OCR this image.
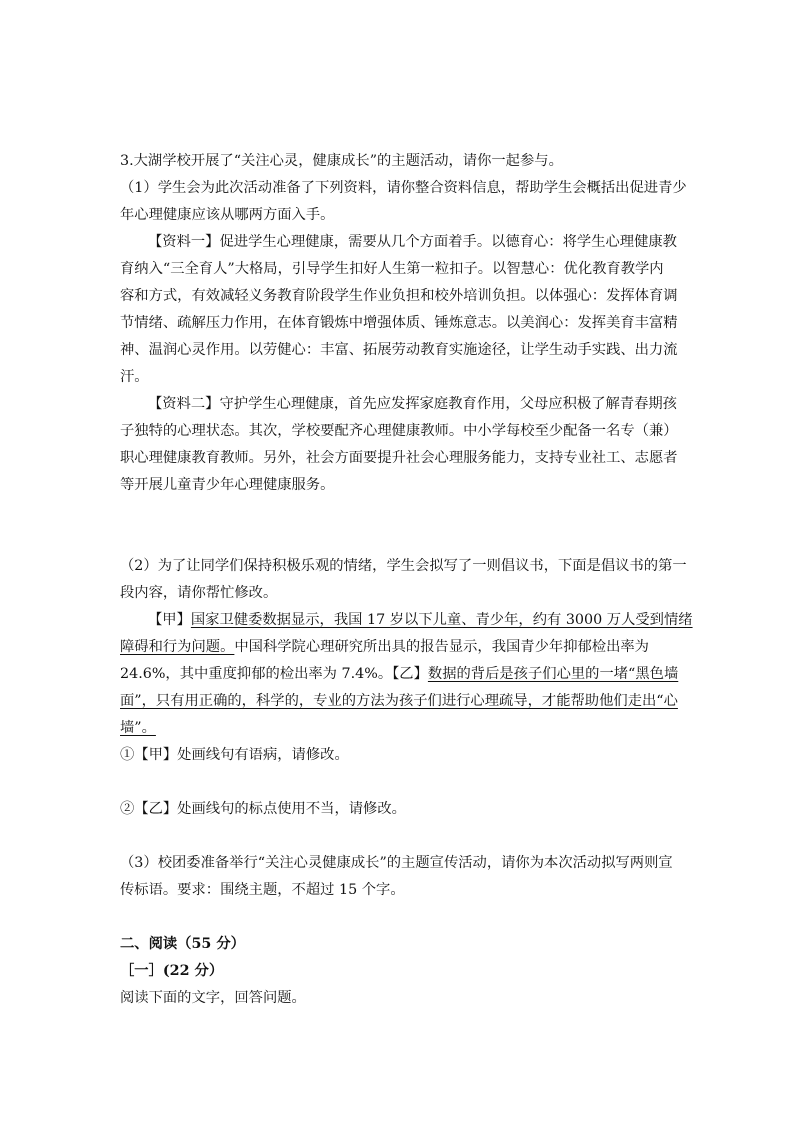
3.大湖学校开展了“关注心灵，健康成长”的主题活动，请你一起参与。

（1）学生会为此次活动准备了下列资料，请你整合资料信息，帮助学生会概括出促进青少

年心理健康应该从哪两方面入手。

【资料一】促进学生心理健康，需要从几个方面着手。以德育心：将学生心理健康教

育纳入“三全育人”大格局，引导学生扣好人生第一粒扣子。以智慧心：优化教育教学内

容和方式，有效减轻义务教育阶段学生作业负担和校外培训负担。以体强心：发挥体育调

节情绪、疏解压力作用，在体育锻炼中增强体质、锤炼意志。以美润心：发挥美育丰富精

神、温润心灵作用。以劳健心：丰富、拓展劳动教育实施途径，让学生动手实践、出力流

汗。

【资料二】守护学生心理健康，首先应发挥家庭教育作用，父母应积极了解青春期孩

子独特的心理状态。其次，学校要配齐心理健康教师。中小学每校至少配备一名专（兼）

职心理健康教育教师。另外，社会方面要提升社会心理服务能力，支持专业社工、志愿者

等开展儿童青少年心理健康服务。

（2）为了让同学们保持积极乐观的情绪，学生会拟写了一则倡议书，下面是倡议书的第一

段内容，请你帮忙修改。

【甲】国家卫健委数据显示，我国 17 岁以下儿童、青少年，约有 3000 万人受到情绪

障碍和行为问题。中国科学院心理研究所出具的报告显示，我国青少年抑郁检出率为

24.6%，其中重度抑郁的检出率为 7.4%。【乙】数据的背后是孩子们心里的一堵“黑色墙

面”，只有用正确的，科学的，专业的方法为孩子们进行心理疏导，才能帮助他们走出“心

墙”。

①【甲】处画线句有语病，请修改。

②【乙】处画线句的标点使用不当，请修改。

（3）校团委准备举行“关注心灵健康成长”的主题宣传活动，请你为本次活动拟写两则宣

传标语。要求：围绕主题，不超过 15 个字。

二、阅读（55 分）

［一］(22 分）

阅读下面的文字，回答问题。
